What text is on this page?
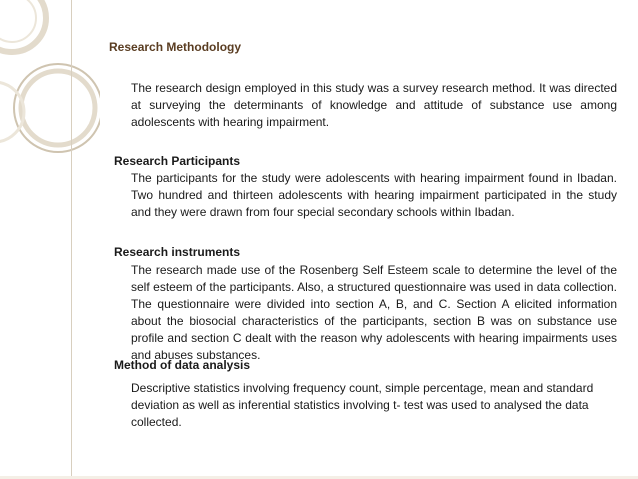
Research Methodology
The research design employed in this study was a survey research method. It was directed at surveying the determinants of knowledge and attitude of substance use among adolescents with hearing impairment.
Research Participants
The participants for the study were adolescents with hearing impairment found in Ibadan. Two hundred and thirteen adolescents with hearing impairment participated in the study and they were drawn from four special secondary schools within Ibadan.
Research instruments
The research made use of the Rosenberg Self Esteem scale to determine the level of the self esteem of the participants. Also, a structured questionnaire was used in data collection. The questionnaire were divided into section A, B, and C. Section A elicited information about the biosocial characteristics of the participants, section B was on substance use profile and section C dealt with the reason why adolescents with hearing impairments uses and abuses substances.
Method of data analysis
Descriptive statistics involving frequency count, simple percentage, mean and standard deviation as well as inferential statistics involving t- test was used to analysed the data collected.
